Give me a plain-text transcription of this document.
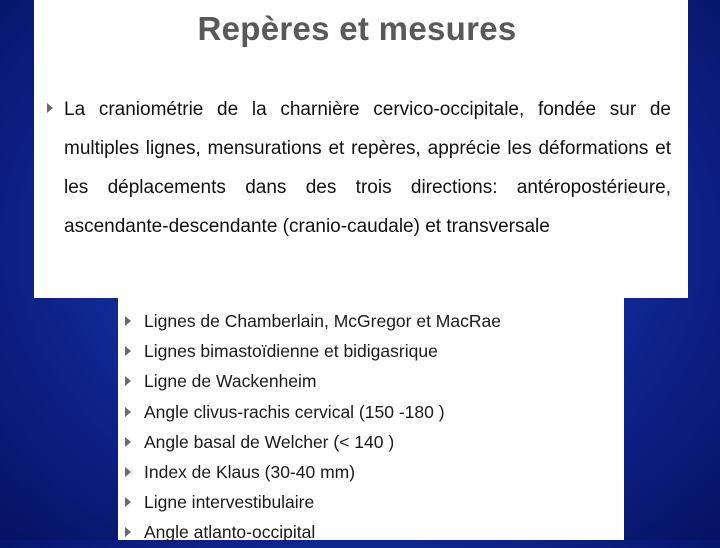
Repères et mesures

La craniométrie de la charnière cervico-occipitale, fondée sur de multiples lignes, mensurations et repères, apprécie les déformations et les déplacements dans des trois directions: antéropostérieure, ascendante-descendante (cranio-caudale) et transversale

Lignes de Chamberlain, McGregor et MacRae
Lignes bimastoïdienne et bidigasrique
Ligne de Wackenheim
Angle clivus-rachis cervical (150 -180 )
Angle basal de Welcher (< 140 )
Index de Klaus (30-40 mm)
Ligne intervestibulaire
Angle atlanto-occipital
